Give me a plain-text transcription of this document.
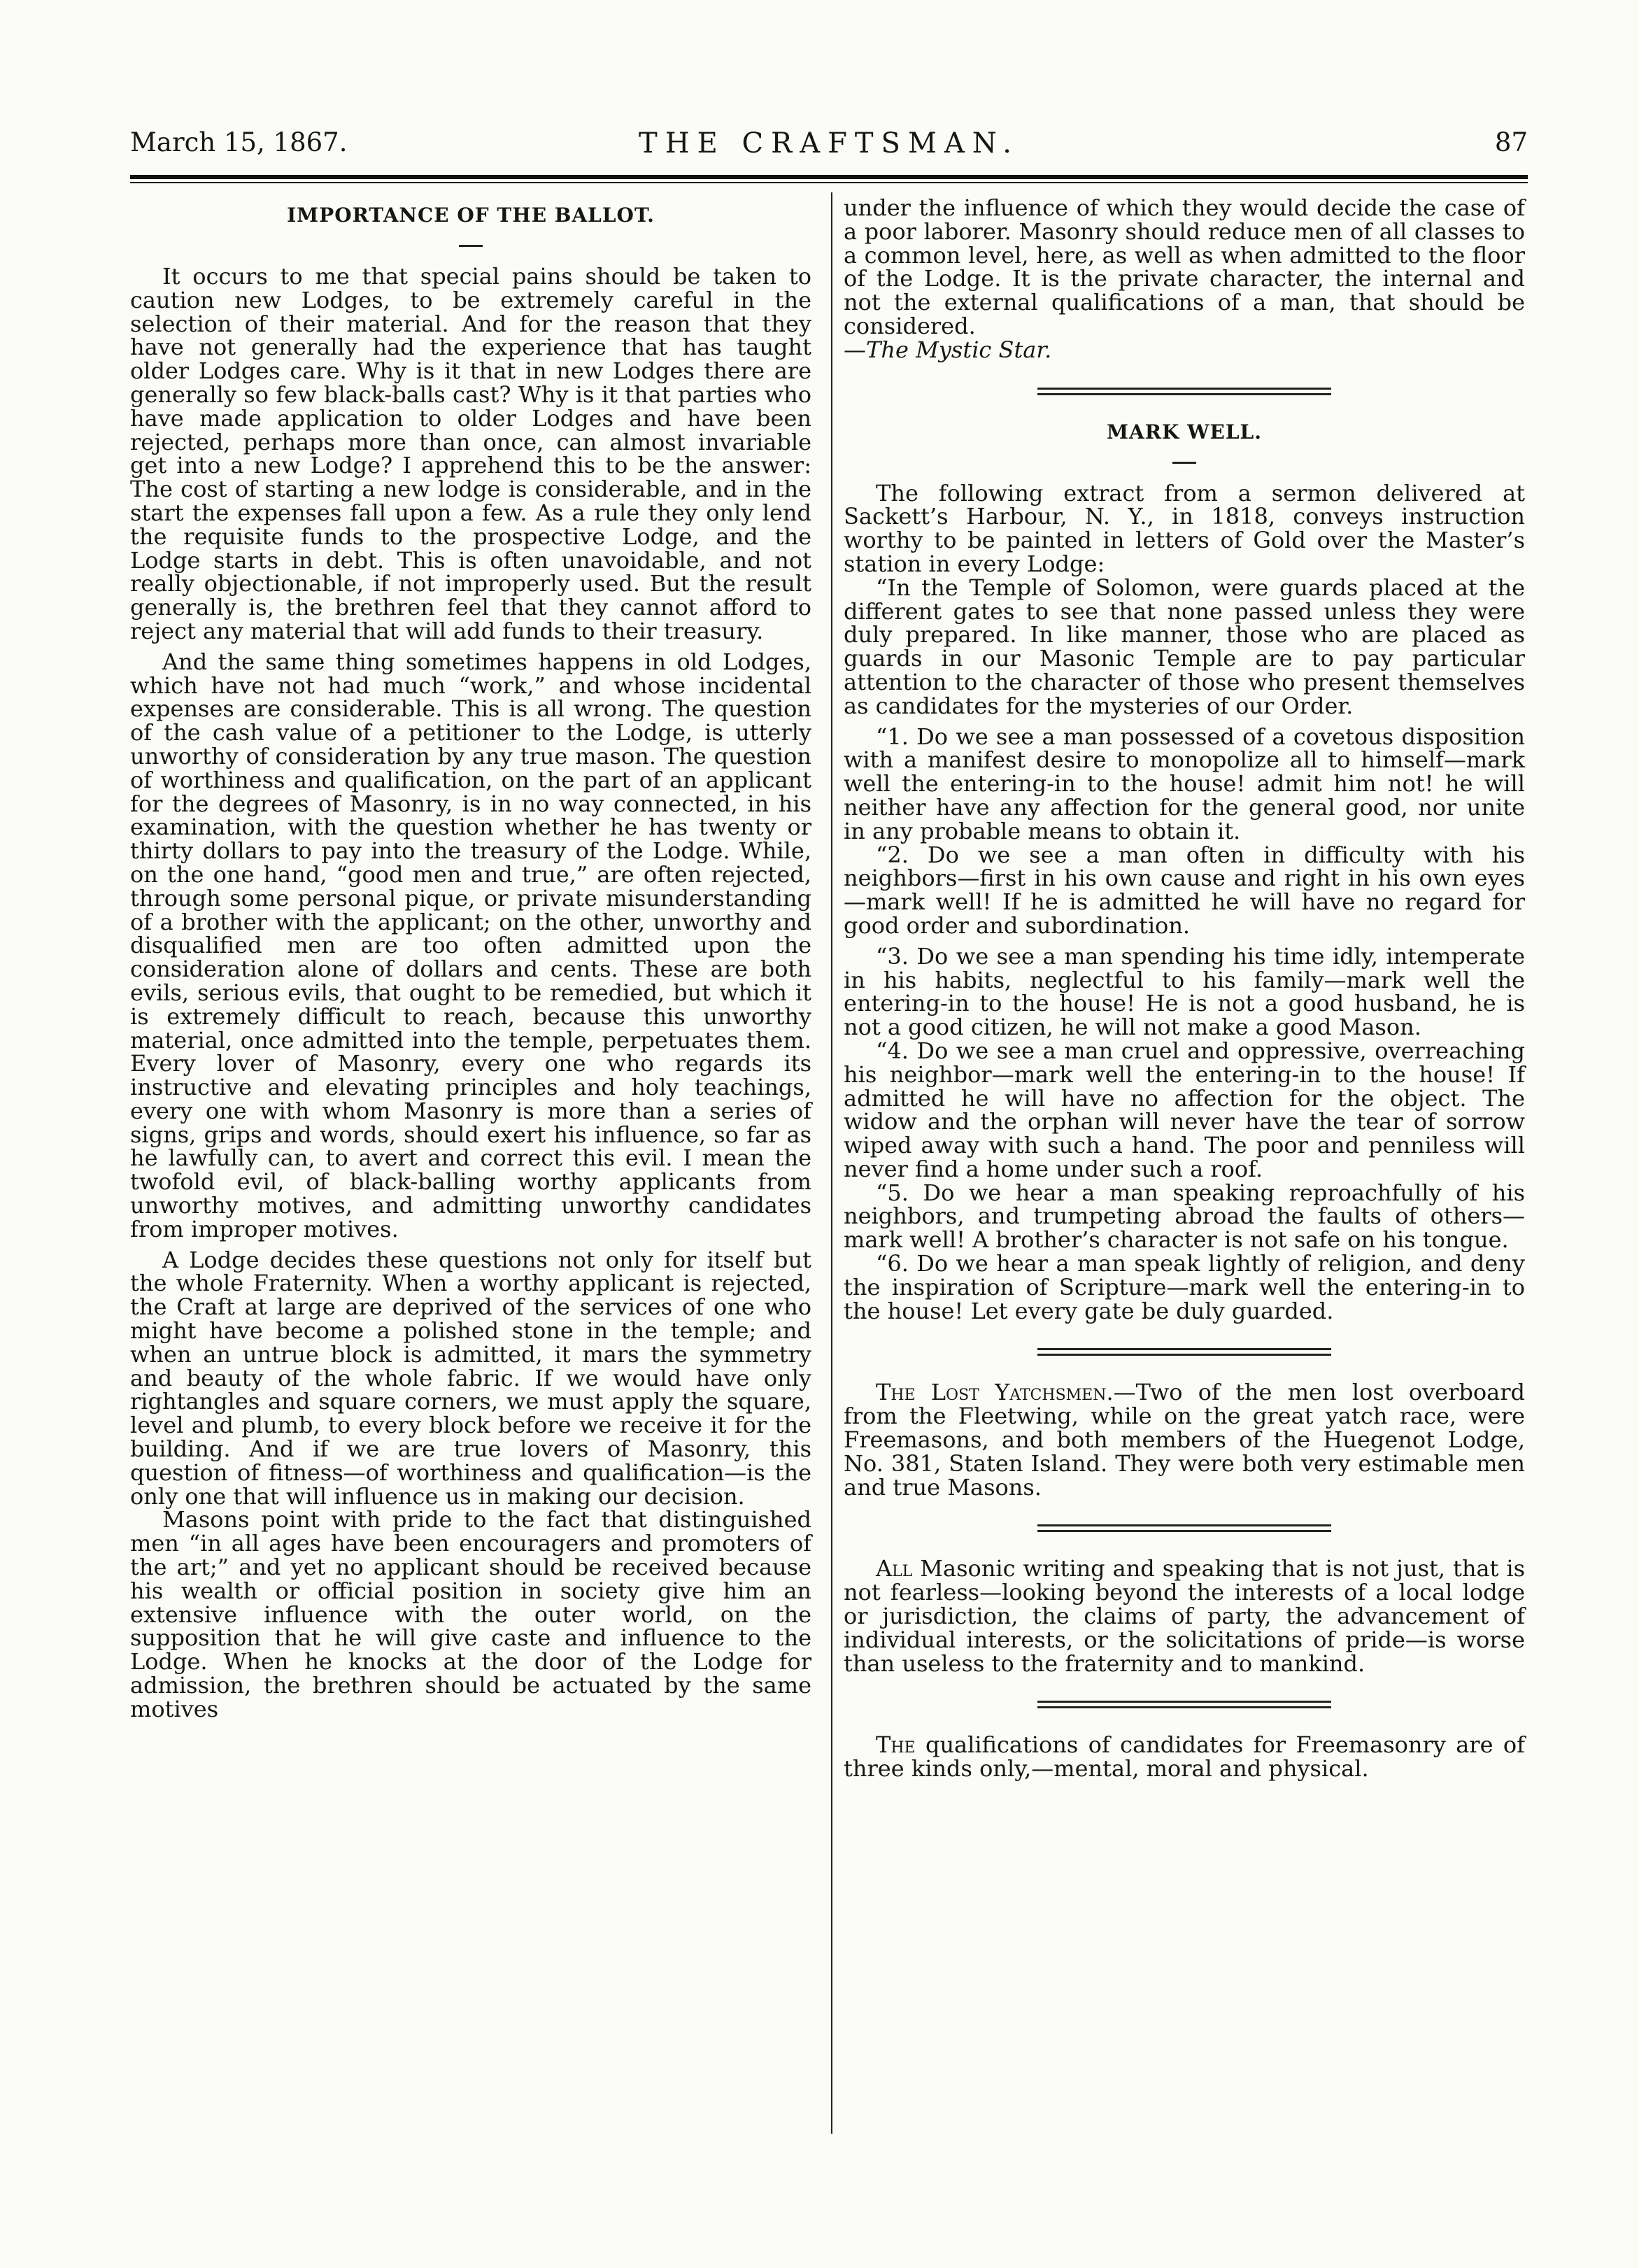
March 15, 1867.	THE CRAFTSMAN.	87
IMPORTANCE OF THE BALLOT.

It occurs to me that special pains should be taken to caution new Lodges, to be extremely careful in the selection of their material. And for the reason that they have not generally had the experience that has taught older Lodges care. Why is it that in new Lodges there are generally so few black-balls cast? Why is it that parties who have made application to older Lodges and have been rejected, perhaps more than once, can almost invariable get into a new Lodge? I apprehend this to be the answer: The cost of starting a new lodge is considerable, and in the start the expenses fall upon a few. As a rule they only lend the requisite funds to the prospective Lodge, and the Lodge starts in debt. This is often unavoidable, and not really objectionable, if not improperly used. But the result generally is, the brethren feel that they cannot afford to reject any material that will add funds to their treasury.

And the same thing sometimes happens in old Lodges, which have not had much “work,” and whose incidental expenses are considerable. This is all wrong. The question of the cash value of a petitioner to the Lodge, is utterly unworthy of consideration by any true mason. The question of worthiness and qualification, on the part of an applicant for the degrees of Masonry, is in no way connected, in his examination, with the question whether he has twenty or thirty dollars to pay into the treasury of the Lodge. While, on the one hand, “good men and true,” are often rejected, through some personal pique, or private misunderstanding of a brother with the applicant; on the other, unworthy and disqualified men are too often admitted upon the consideration alone of dollars and cents. These are both evils, serious evils, that ought to be remedied, but which it is extremely difficult to reach, because this unworthy material, once admitted into the temple, perpetuates them. Every lover of Masonry, every one who regards its instructive and elevating principles and holy teachings, every one with whom Masonry is more than a series of signs, grips and words, should exert his influence, so far as he lawfully can, to avert and correct this evil. I mean the twofold evil, of black-balling worthy applicants from unworthy motives, and admitting unworthy candidates from improper motives.

A Lodge decides these questions not only for itself but the whole Fraternity. When a worthy applicant is rejected, the Craft at large are deprived of the services of one who might have become a polished stone in the temple; and when an untrue block is admitted, it mars the symmetry and beauty of the whole fabric. If we would have only rightangles and square corners, we must apply the square, level and plumb, to every block before we receive it for the building. And if we are true lovers of Masonry, this question of fitness—of worthiness and qualification—is the only one that will influence us in making our decision.

Masons point with pride to the fact that distinguished men “in all ages have been encouragers and promoters of the art;” and yet no applicant should be received because his wealth or official position in society give him an extensive influence with the outer world, on the supposition that he will give caste and influence to the Lodge. When he knocks at the door of the Lodge for admission, the brethren should be actuated by the same motives

under the influence of which they would decide the case of a poor laborer. Masonry should reduce men of all classes to a common level, here, as well as when admitted to the floor of the Lodge. It is the private character, the internal and not the external qualifications of a man, that should be considered.

—The Mystic Star.

MARK WELL.

The following extract from a sermon delivered at Sackett’s Harbour, N. Y., in 1818, conveys instruction worthy to be painted in letters of Gold over the Master’s station in every Lodge:

“In the Temple of Solomon, were guards placed at the different gates to see that none passed unless they were duly prepared. In like manner, those who are placed as guards in our Masonic Temple are to pay particular attention to the character of those who present themselves as candidates for the mysteries of our Order.

“1. Do we see a man possessed of a covetous disposition with a manifest desire to monopolize all to himself—mark well the entering-in to the house! admit him not! he will neither have any affection for the general good, nor unite in any probable means to obtain it.

“2. Do we see a man often in difficulty with his neighbors—first in his own cause and right in his own eyes—mark well! If he is admitted he will have no regard for good order and subordination.

“3. Do we see a man spending his time idly, intemperate in his habits, neglectful to his family—mark well the entering-in to the house! He is not a good husband, he is not a good citizen, he will not make a good Mason.

“4. Do we see a man cruel and oppressive, overreaching his neighbor—mark well the entering-in to the house! If admitted he will have no affection for the object. The widow and the orphan will never have the tear of sorrow wiped away with such a hand. The poor and penniless will never find a home under such a roof.

“5. Do we hear a man speaking reproachfully of his neighbors, and trumpeting abroad the faults of others—mark well! A brother’s character is not safe on his tongue.

“6. Do we hear a man speak lightly of religion, and deny the inspiration of Scripture—mark well the entering-in to the house! Let every gate be duly guarded.

The Lost Yatchsmen.—Two of the men lost overboard from the Fleetwing, while on the great yatch race, were Freemasons, and both members of the Huegenot Lodge, No. 381, Staten Island. They were both very estimable men and true Masons.

All Masonic writing and speaking that is not just, that is not fearless—looking beyond the interests of a local lodge or jurisdiction, the claims of party, the advancement of individual interests, or the solicitations of pride—is worse than useless to the fraternity and to mankind.

The qualifications of candidates for Freemasonry are of three kinds only,—mental, moral and physical.
